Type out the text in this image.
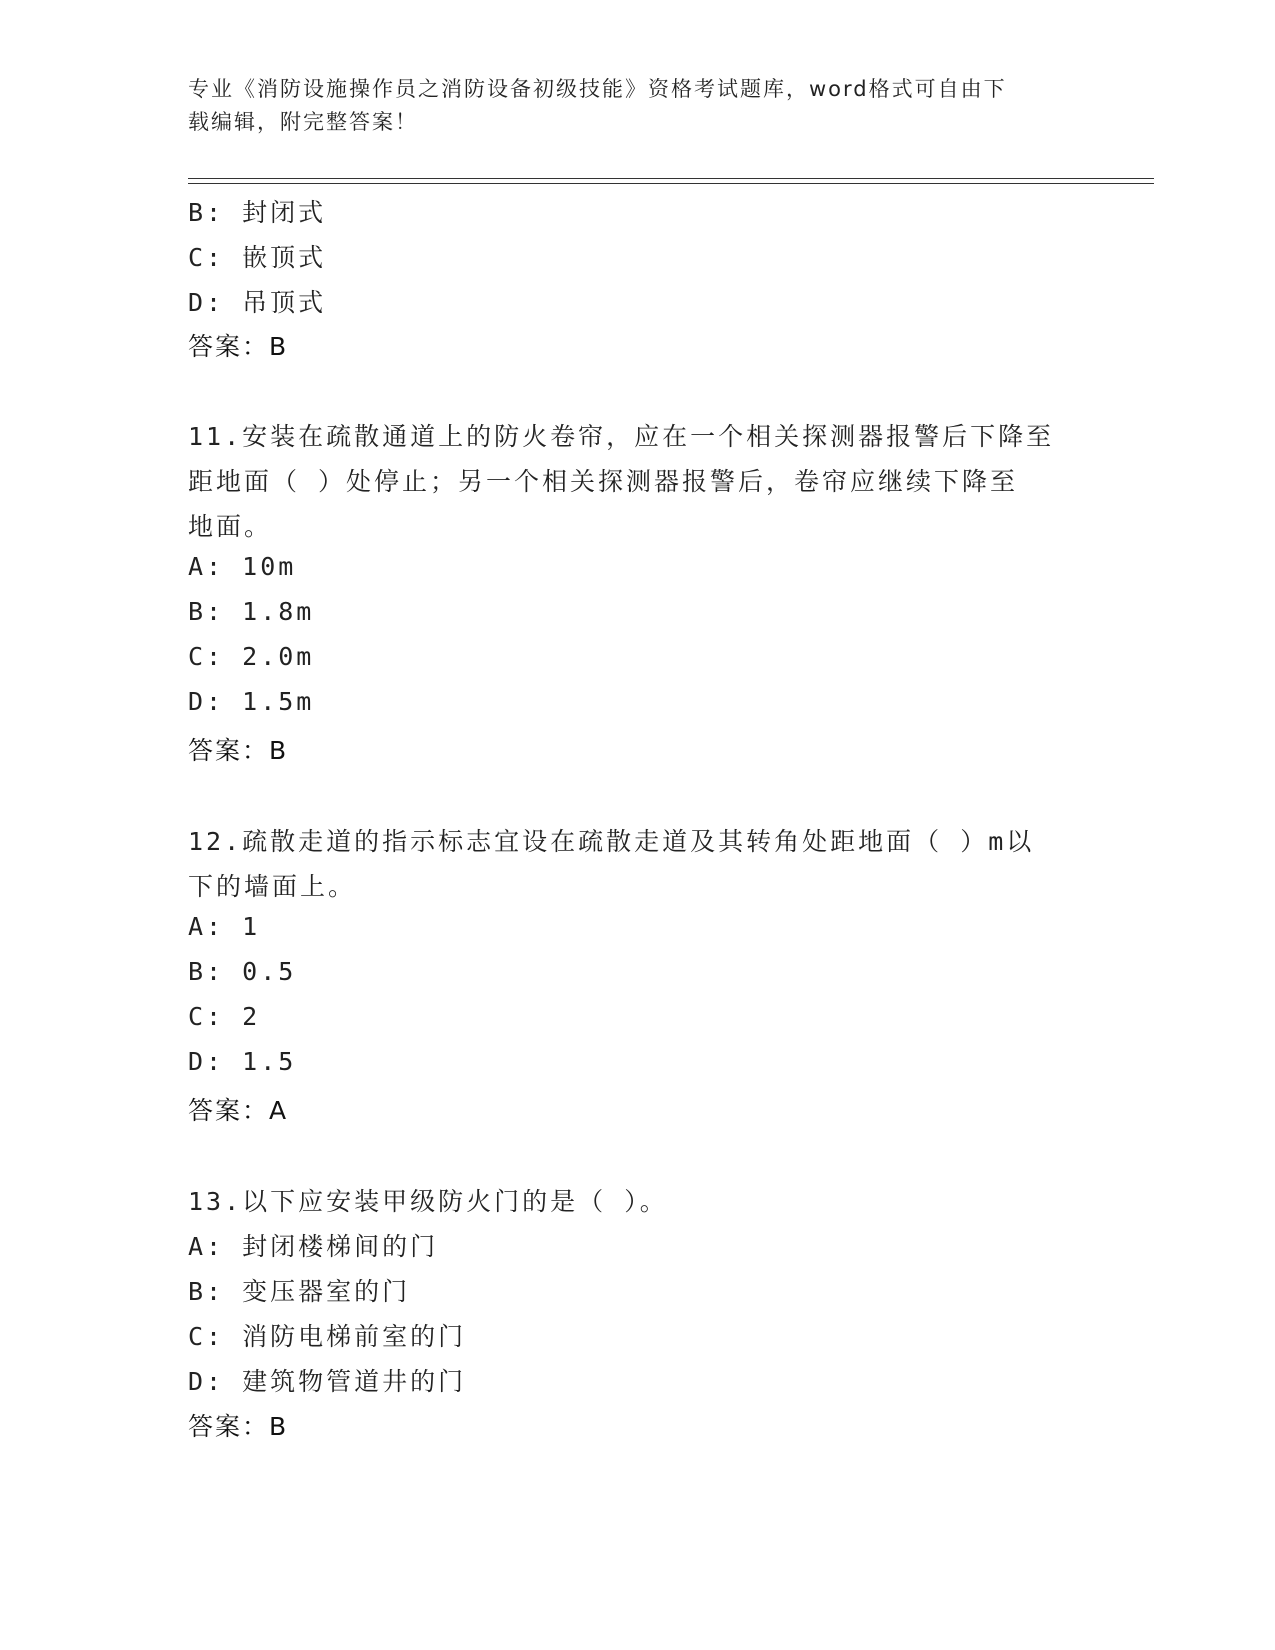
专业《消防设施操作员之消防设备初级技能》资格考试题库，word格式可自由下
载编辑，附完整答案！
B: 封闭式
C: 嵌顶式
D: 吊顶式
答案：B
11.安装在疏散通道上的防火卷帘，应在一个相关探测器报警后下降至
距地面（ ）处停止；另一个相关探测器报警后，卷帘应继续下降至
地面。
A: 10m
B: 1.8m
C: 2.0m
D: 1.5m
答案：B
12.疏散走道的指示标志宜设在疏散走道及其转角处距地面（ ）m以
下的墙面上。
A: 1
B: 0.5
C: 2
D: 1.5
答案：A
13.以下应安装甲级防火门的是（ ）。
A: 封闭楼梯间的门
B: 变压器室的门
C: 消防电梯前室的门
D: 建筑物管道井的门
答案：B
